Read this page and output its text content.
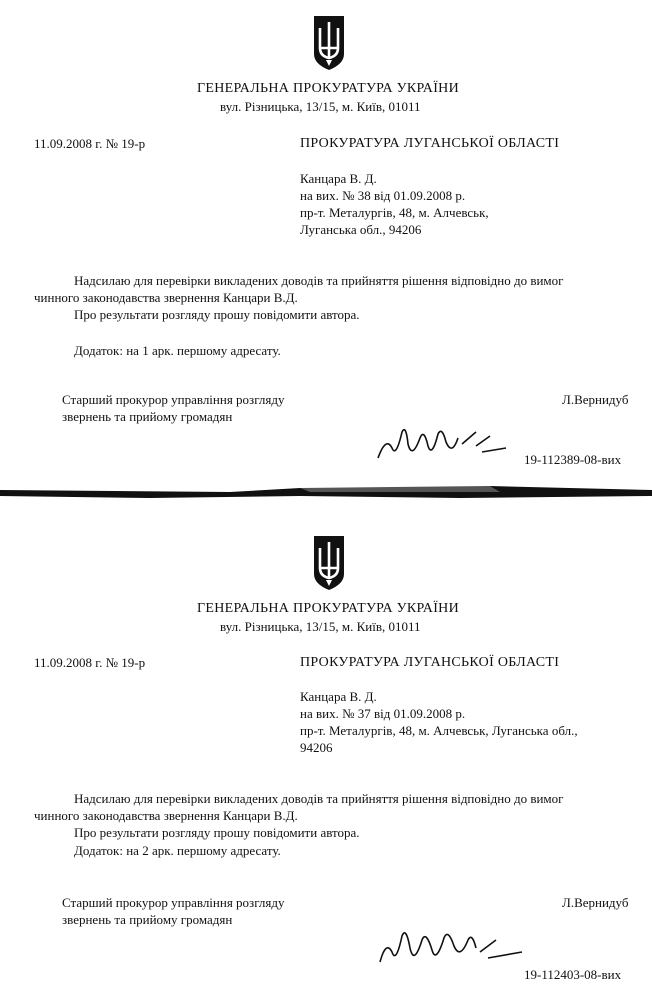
ГЕНЕРАЛЬНА ПРОКУРАТУРА УКРАЇНИ
вул. Різницька, 13/15, м. Київ, 01011
11.09.2008 г. № 19-р	ПРОКУРАТУРА ЛУГАНСЬКОЇ ОБЛАСТІ
Канцара В. Д.
на вих. № 38 від 01.09.2008 р.
пр-т. Металургів, 48, м. Алчевськ,
Луганська обл., 94206
Надсилаю для перевірки викладених доводів та прийняття рішення відповідно до вимог
чинного законодавства звернення Канцари В.Д.
Про результати розгляду прошу повідомити автора.
Додаток: на 1 арк. першому адресату.
Старший прокурор управління розгляду
звернень та прийому громадян
Л.Вернидуб
19-112389-08-вих
ГЕНЕРАЛЬНА ПРОКУРАТУРА УКРАЇНИ
вул. Різницька, 13/15, м. Київ, 01011
11.09.2008 г. № 19-р	ПРОКУРАТУРА ЛУГАНСЬКОЇ ОБЛАСТІ
Канцара В. Д.
на вих. № 37 від 01.09.2008 р.
пр-т. Металургів, 48, м. Алчевськ, Луганська обл.,
94206
Надсилаю для перевірки викладених доводів та прийняття рішення відповідно до вимог
чинного законодавства звернення Канцари В.Д.
Про результати розгляду прошу повідомити автора.
Додаток: на 2 арк. першому адресату.
Старший прокурор управління розгляду
звернень та прийому громадян
Л.Вернидуб
19-112403-08-вих
